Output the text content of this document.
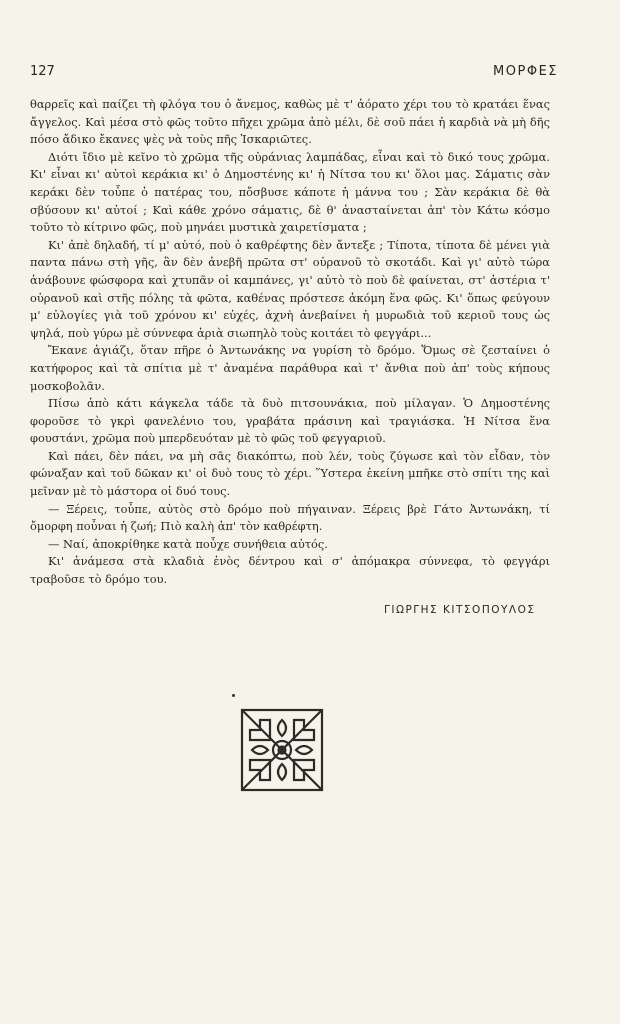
127	ΜΟΡΦΕΣ

θαρρεῖς καὶ παίζει τὴ φλόγα του ὁ ἄνεμος, καθὼς μὲ τ' ἀόρατο χέρι του τὸ κρατάει ἕνας ἄγγελος. Καὶ μέσα στὸ φῶς τοῦτο πῆχει χρῶμα ἀπὸ μέλι, δὲ σοῦ πάει ἡ καρδιὰ νὰ μὴ δῆς πόσο ἄδικο ἔκανες ψὲς νὰ τοὺς πῆς Ἰσκαριῶτες.

Διότι ἴδιο μὲ κεῖνο τὸ χρῶμα τῆς οὐράνιας λαμπάδας, εἶναι καὶ τὸ δικό τους χρῶμα. Κι' εἶναι κι' αὐτοὶ κεράκια κι' ὁ Δημοστένης κι' ἡ Νίτσα του κι' ὅλοι μας. Σάματις σὰν κεράκι δὲν τοὖπε ὁ πατέρας του, πὄσβυσε κάποτε ἡ μάννα του ; Σὰν κεράκια δὲ θὰ σβύσουν κι' αὐτοί ; Καὶ κάθε χρόνο σάματις, δὲ θ' ἀνασταίνεται ἀπ' τὸν Κάτω κόσμο τοῦτο τὸ κίτρινο φῶς, ποὺ μηνάει μυστικὰ χαιρετίσματα ;

Κι' ἀπὲ δηλαδή, τί μ' αὐτό, ποὺ ὁ καθρέφτης δὲν ἄντεξε ; Τίποτα, τίποτα δὲ μένει γιὰ παντα πάνω στὴ γῆς, ἂν δὲν ἀνεβῆ πρῶτα στ' οὐρανοῦ τὸ σκοτάδι. Καὶ γι' αὐτὸ τώρα ἀνάβουνε φώσφορα καὶ χτυπᾶν οἱ καμπάνες, γι' αὐτὸ τὸ ποὺ δὲ φαίνεται, στ' ἀστέρια τ' οὐρανοῦ καὶ στῆς πόλης τὰ φῶτα, καθένας πρόστεσε ἀκόμη ἕνα φῶς. Κι' ὅπως φεύγουν μ' εὐλογίες γιὰ τοῦ χρόνου κι' εὐχές, ἀχνὴ ἀνεβαίνει ἡ μυρωδιὰ τοῦ κεριοῦ τους ὡς ψηλά, ποὺ γύρω μὲ σύννεφα ἀριὰ σιωπηλὸ τοὺς κοιτάει τὸ φεγγάρι...

Ἔκανε ἀγιάζι, ὅταν πῆρε ὁ Ἀντωνάκης να γυρίση τὸ δρόμο. Ὅμως σὲ ζεσταίνει ὁ κατήφορος καὶ τὰ σπίτια μὲ τ' ἀναμένα παράθυρα καὶ τ' ἄνθια ποὺ ἀπ' τοὺς κήπους μοσκοβολᾶν.

Πίσω ἀπὸ κάτι κάγκελα τάδε τὰ δυὸ πιτσουνάκια, ποὺ μίλαγαν. Ὁ Δημοστένης φοροῦσε τὸ γκρὶ φανελένιο του, γραβάτα πράσινη καὶ τραγιάσκα. Ἡ Νίτσα ἕνα φουστάνι, χρῶμα ποὺ μπερδευόταν μὲ τὸ φῶς τοῦ φεγγαριοῦ.

Καὶ πάει, δὲν πάει, να μὴ σᾶς διακόπτω, ποὺ λέν, τοὺς ζύγωσε καὶ τὸν εἶδαν, τὸν φώναξαν καὶ τοῦ δῶκαν κι' οἱ δυὸ τους τὸ χέρι. Ὕστερα ἐκείνη μπῆκε στὸ σπίτι της καὶ μεῖναν μὲ τὸ μάστορα οἱ δυό τους.

— Ξέρεις, τοὖπε, αὐτὸς στὸ δρόμο ποὺ πήγαιναν. Ξέρεις βρὲ Γάτο Ἀντωνάκη, τί ὄμορφη ποὖναι ἡ ζωή; Πιὸ καλὴ ἀπ' τὸν καθρέφτη.

— Ναί, ἀποκρίθηκε κατὰ ποὖχε συνήθεια αὐτός.

Κι' ἀνάμεσα στὰ κλαδιὰ ἑνὸς δέντρου καὶ σ' ἀπόμακρα σύννεφα, τὸ φεγγάρι τραβοῦσε τὸ δρόμο του.

ΓΙΩΡΓΗΣ ΚΙΤΣΟΠΟΥΛΟΣ
